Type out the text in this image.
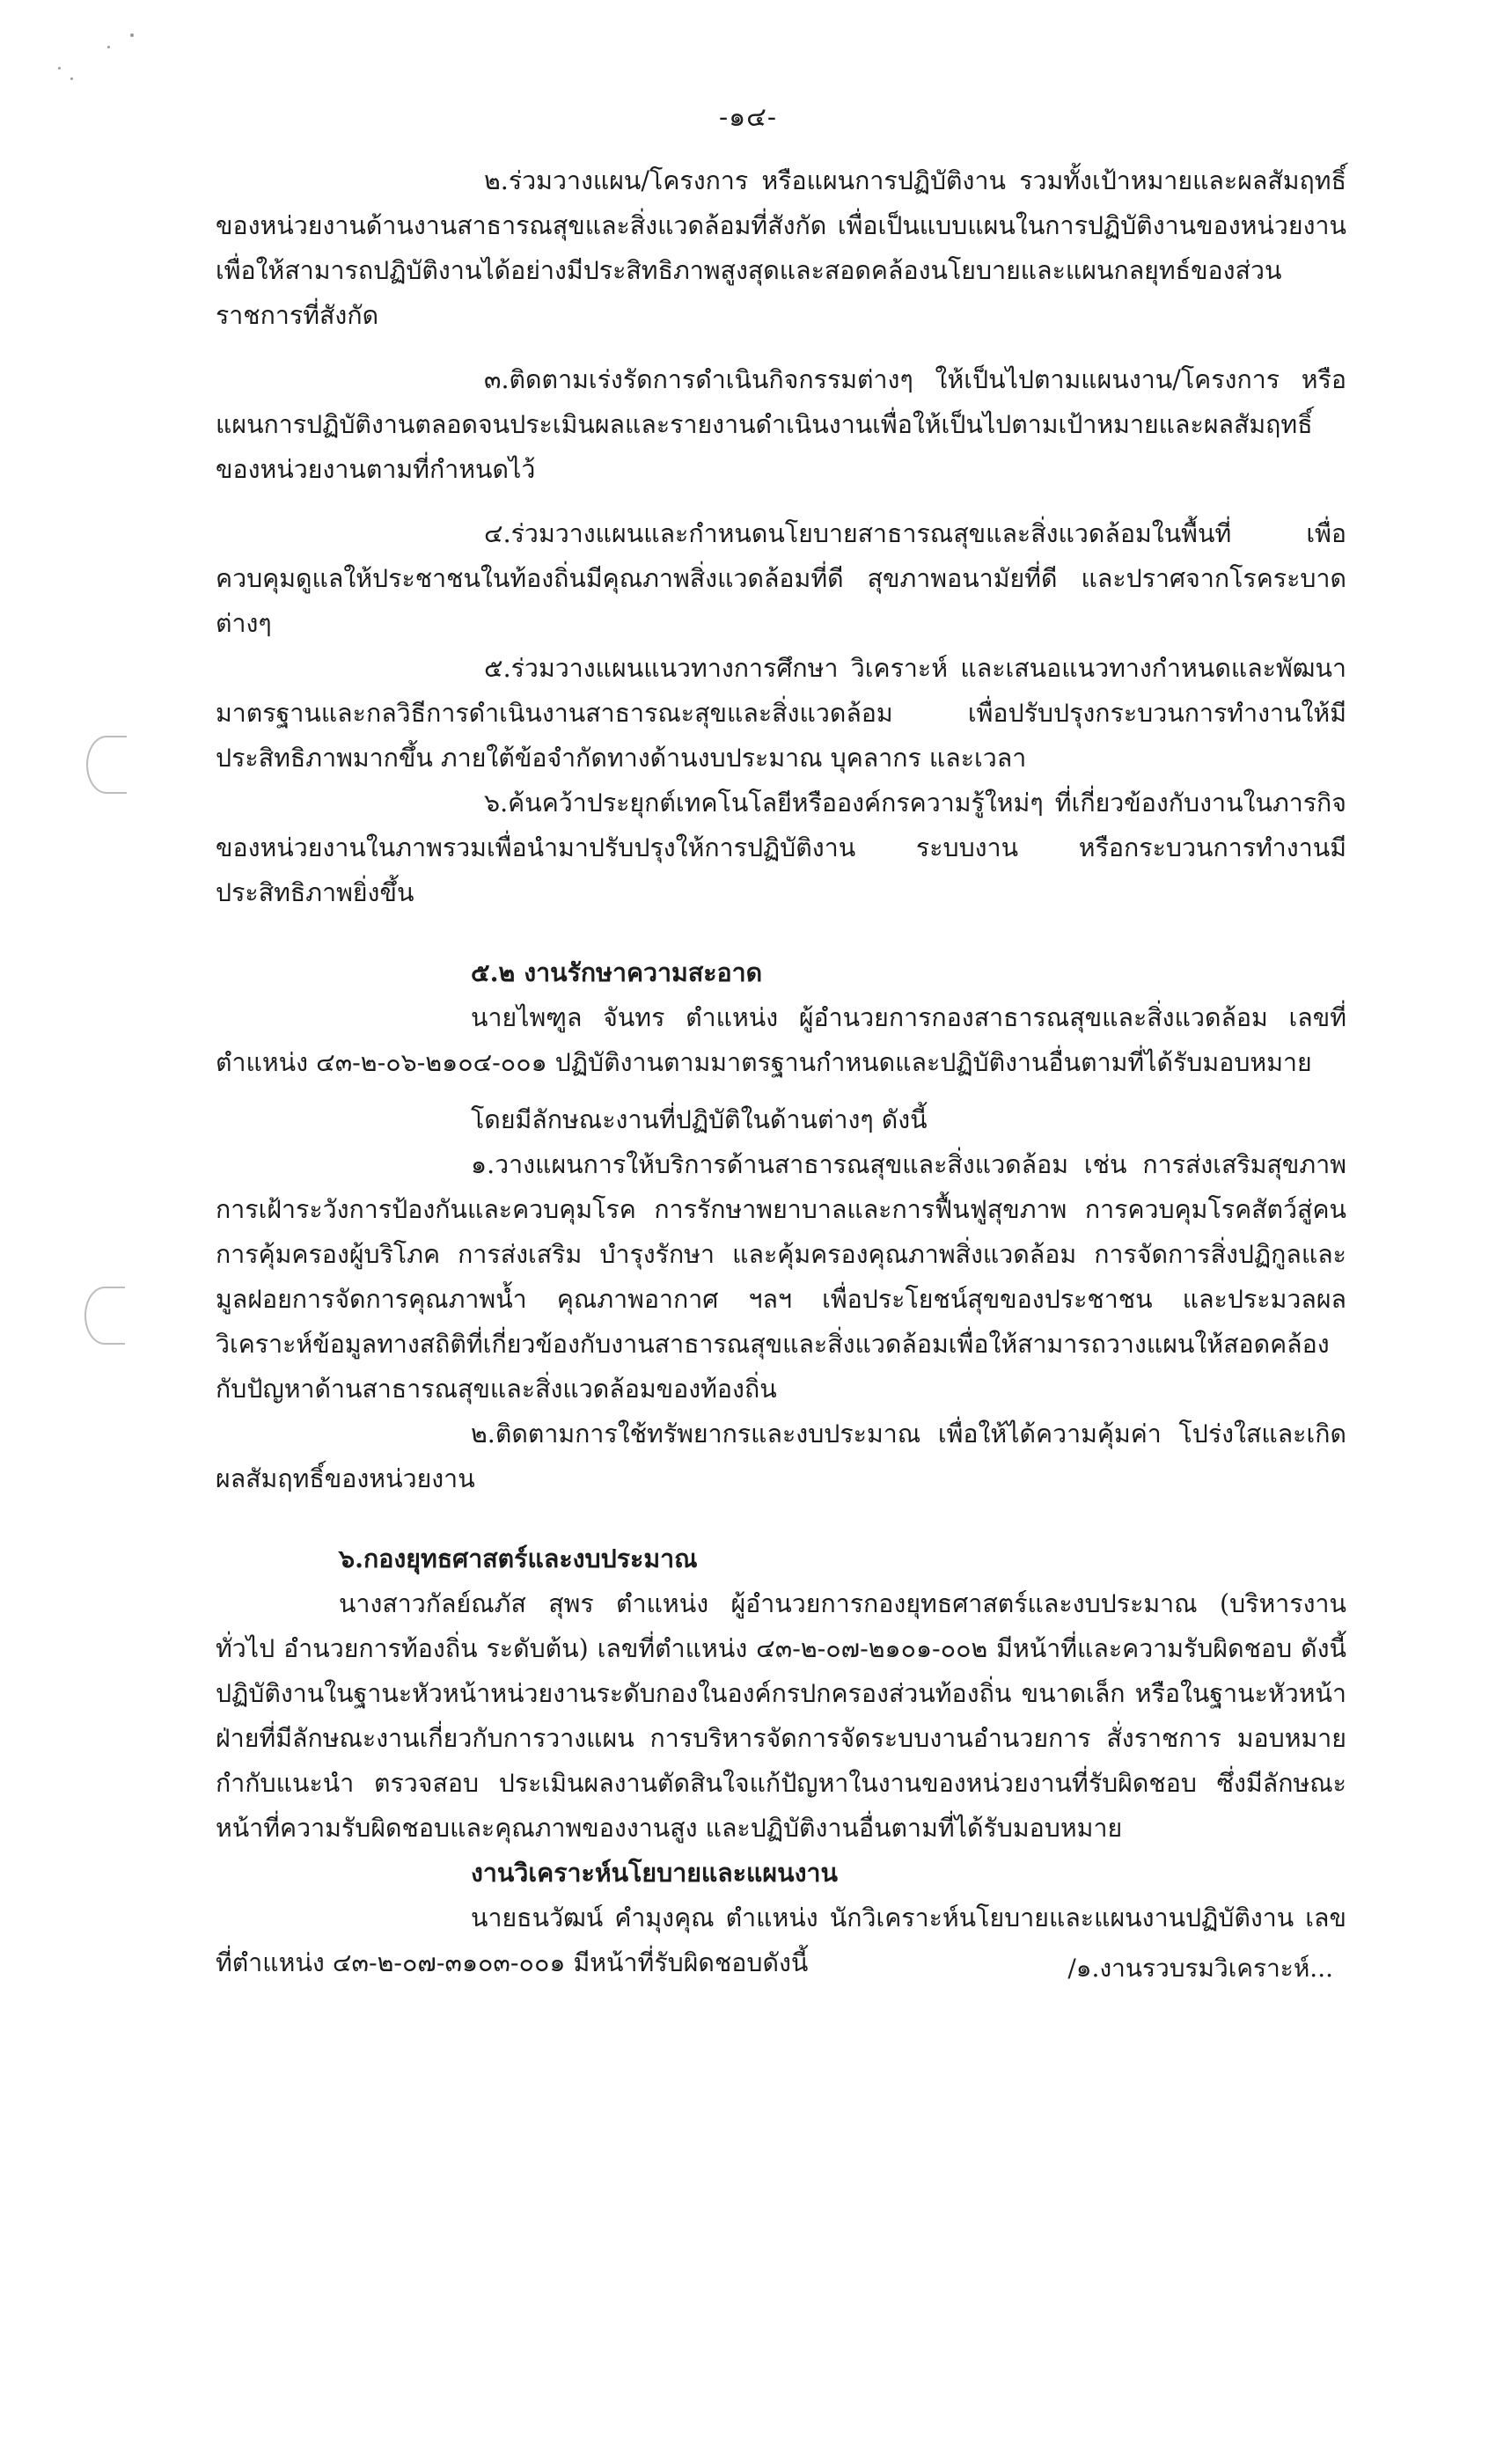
-๑๔-

๒.ร่วมวางแผน/โครงการ หรือแผนการปฏิบัติงาน รวมทั้งเป้าหมายและผลสัมฤทธิ์ของหน่วยงานด้านงานสาธารณสุขและสิ่งแวดล้อมที่สังกัด เพื่อเป็นแบบแผนในการปฏิบัติงานของหน่วยงานเพื่อให้สามารถปฏิบัติงานได้อย่างมีประสิทธิภาพสูงสุดและสอดคล้องนโยบายและแผนกลยุทธ์ของส่วนราชการที่สังกัด

๓.ติดตามเร่งรัดการดำเนินกิจกรรมต่างๆ ให้เป็นไปตามแผนงาน/โครงการ หรือแผนการปฏิบัติงานตลอดจนประเมินผลและรายงานดำเนินงานเพื่อให้เป็นไปตามเป้าหมายและผลสัมฤทธิ์ของหน่วยงานตามที่กำหนดไว้

๔.ร่วมวางแผนและกำหนดนโยบายสาธารณสุขและสิ่งแวดล้อมในพื้นที่ เพื่อควบคุมดูแลให้ประชาชนในท้องถิ่นมีคุณภาพสิ่งแวดล้อมที่ดี สุขภาพอนามัยที่ดี และปราศจากโรคระบาดต่างๆ

๕.ร่วมวางแผนแนวทางการศึกษา วิเคราะห์ และเสนอแนวทางกำหนดและพัฒนามาตรฐานและกลวิธีการดำเนินงานสาธารณะสุขและสิ่งแวดล้อม เพื่อปรับปรุงกระบวนการทำงานให้มีประสิทธิภาพมากขึ้น ภายใต้ข้อจำกัดทางด้านงบประมาณ บุคลากร และเวลา

๖.ค้นคว้าประยุกต์เทคโนโลยีหรือองค์กรความรู้ใหม่ๆ ที่เกี่ยวข้องกับงานในภารกิจของหน่วยงานในภาพรวมเพื่อนำมาปรับปรุงให้การปฏิบัติงาน ระบบงาน หรือกระบวนการทำงานมีประสิทธิภาพยิ่งขึ้น

๕.๒ งานรักษาความสะอาด

นายไพฑูล จันทร ตำแหน่ง ผู้อำนวยการกองสาธารณสุขและสิ่งแวดล้อม เลขที่ตำแหน่ง ๔๓-๒-๐๖-๒๑๐๔-๐๐๑ ปฏิบัติงานตามมาตรฐานกำหนดและปฏิบัติงานอื่นตามที่ได้รับมอบหมาย

โดยมีลักษณะงานที่ปฏิบัติในด้านต่างๆ ดังนี้

๑.วางแผนการให้บริการด้านสาธารณสุขและสิ่งแวดล้อม เช่น การส่งเสริมสุขภาพ การเฝ้าระวังการป้องกันและควบคุมโรค การรักษาพยาบาลและการฟื้นฟูสุขภาพ การควบคุมโรคสัตว์สู่คน การคุ้มครองผู้บริโภค การส่งเสริม บำรุงรักษา และคุ้มครองคุณภาพสิ่งแวดล้อม การจัดการสิ่งปฏิกูลและมูลฝอยการจัดการคุณภาพน้ำ คุณภาพอากาศ ฯลฯ เพื่อประโยชน์สุขของประชาชน และประมวลผล วิเคราะห์ข้อมูลทางสถิติที่เกี่ยวข้องกับงานสาธารณสุขและสิ่งแวดล้อมเพื่อให้สามารถวางแผนให้สอดคล้องกับปัญหาด้านสาธารณสุขและสิ่งแวดล้อมของท้องถิ่น

๒.ติดตามการใช้ทรัพยากรและงบประมาณ เพื่อให้ได้ความคุ้มค่า โปร่งใสและเกิดผลสัมฤทธิ์ของหน่วยงาน

๖.กองยุทธศาสตร์และงบประมาณ

นางสาวกัลย์ณภัส สุพร ตำแหน่ง ผู้อำนวยการกองยุทธศาสตร์และงบประมาณ (บริหารงานทั่วไป อำนวยการท้องถิ่น ระดับต้น) เลขที่ตำแหน่ง ๔๓-๒-๐๗-๒๑๐๑-๐๐๒ มีหน้าที่และความรับผิดชอบ ดังนี้ ปฏิบัติงานในฐานะหัวหน้าหน่วยงานระดับกองในองค์กรปกครองส่วนท้องถิ่น ขนาดเล็ก หรือในฐานะหัวหน้าฝ่ายที่มีลักษณะงานเกี่ยวกับการวางแผน การบริหารจัดการจัดระบบงานอำนวยการ สั่งราชการ มอบหมาย กำกับแนะนำ ตรวจสอบ ประเมินผลงานตัดสินใจแก้ปัญหาในงานของหน่วยงานที่รับผิดชอบ ซึ่งมีลักษณะหน้าที่ความรับผิดชอบและคุณภาพของงานสูง และปฏิบัติงานอื่นตามที่ได้รับมอบหมาย

งานวิเคราะห์นโยบายและแผนงาน

นายธนวัฒน์ คำมุงคุณ ตำแหน่ง นักวิเคราะห์นโยบายและแผนงานปฏิบัติงาน เลขที่ตำแหน่ง ๔๓-๒-๐๗-๓๑๐๓-๐๐๑ มีหน้าที่รับผิดชอบดังนี้	/๑.งานรวบรมวิเคราะห์...
